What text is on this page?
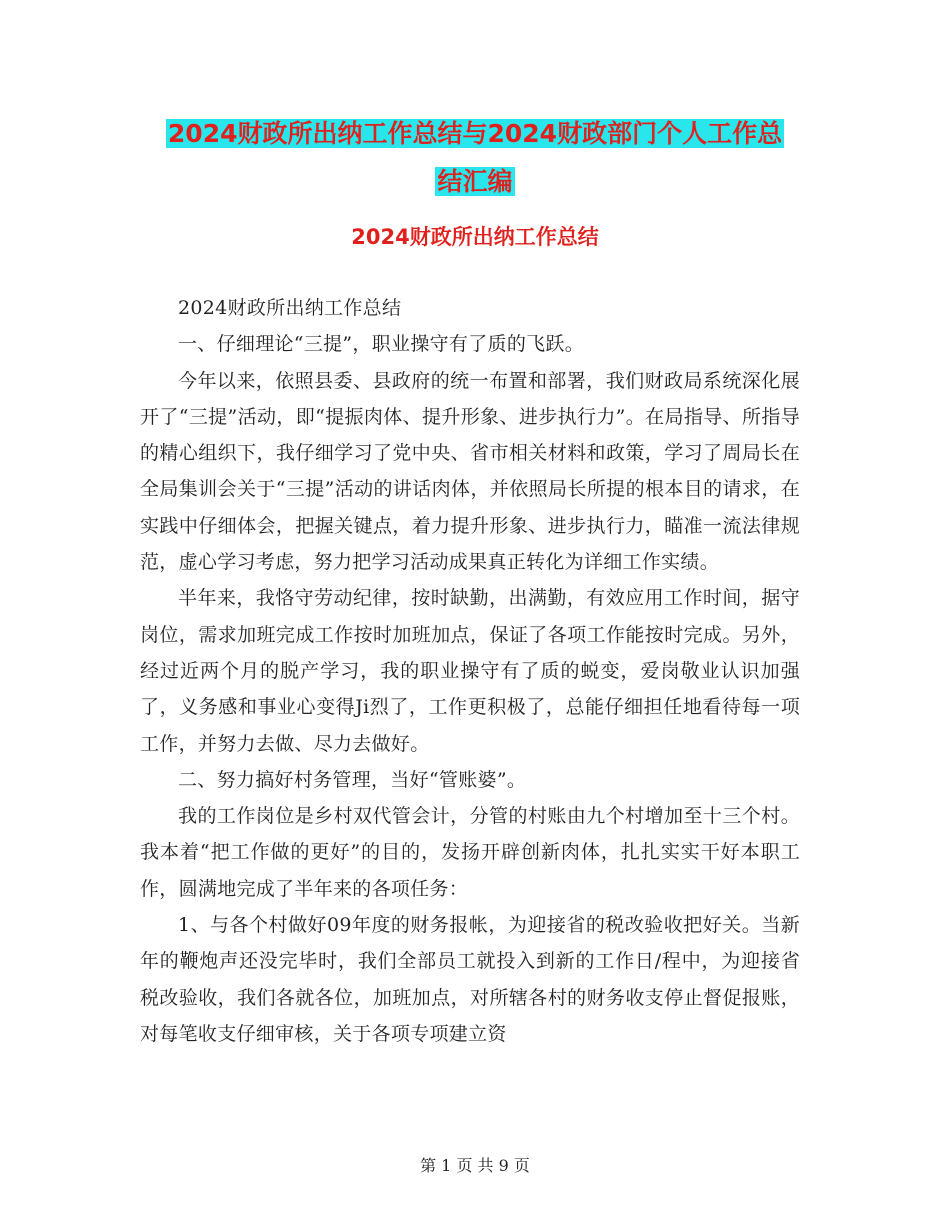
2024财政所出纳工作总结与2024财政部门个人工作总
结汇编
2024财政所出纳工作总结

2024财政所出纳工作总结

一、仔细理论“三提”，职业操守有了质的飞跃。

今年以来，依照县委、县政府的统一布置和部署，我们财政局系统深化展开了“三提”活动，即“提振肉体、提升形象、进步执行力”。在局指导、所指导的精心组织下，我仔细学习了党中央、省市相关材料和政策，学习了周局长在全局集训会关于“三提”活动的讲话肉体，并依照局长所提的根本目的请求，在实践中仔细体会，把握关键点，着力提升形象、进步执行力，瞄准一流法律规范，虚心学习考虑，努力把学习活动成果真正转化为详细工作实绩。

半年来，我恪守劳动纪律，按时缺勤，出满勤，有效应用工作时间，据守岗位，需求加班完成工作按时加班加点，保证了各项工作能按时完成。另外，经过近两个月的脱产学习，我的职业操守有了质的蜕变，爱岗敬业认识加强了，义务感和事业心变得Ji烈了，工作更积极了，总能仔细担任地看待每一项工作，并努力去做、尽力去做好。

二、努力搞好村务管理，当好“管账婆”。

我的工作岗位是乡村双代管会计，分管的村账由九个村增加至十三个村。我本着“把工作做的更好”的目的，发扬开辟创新肉体，扎扎实实干好本职工作，圆满地完成了半年来的各项任务：

1、与各个村做好09年度的财务报帐，为迎接省的税改验收把好关。当新年的鞭炮声还没完毕时，我们全部员工就投入到新的工作日/程中，为迎接省税改验收，我们各就各位，加班加点，对所辖各村的财务收支停止督促报账，对每笔收支仔细审核，关于各项专项建立资

第 1 页 共 9 页
